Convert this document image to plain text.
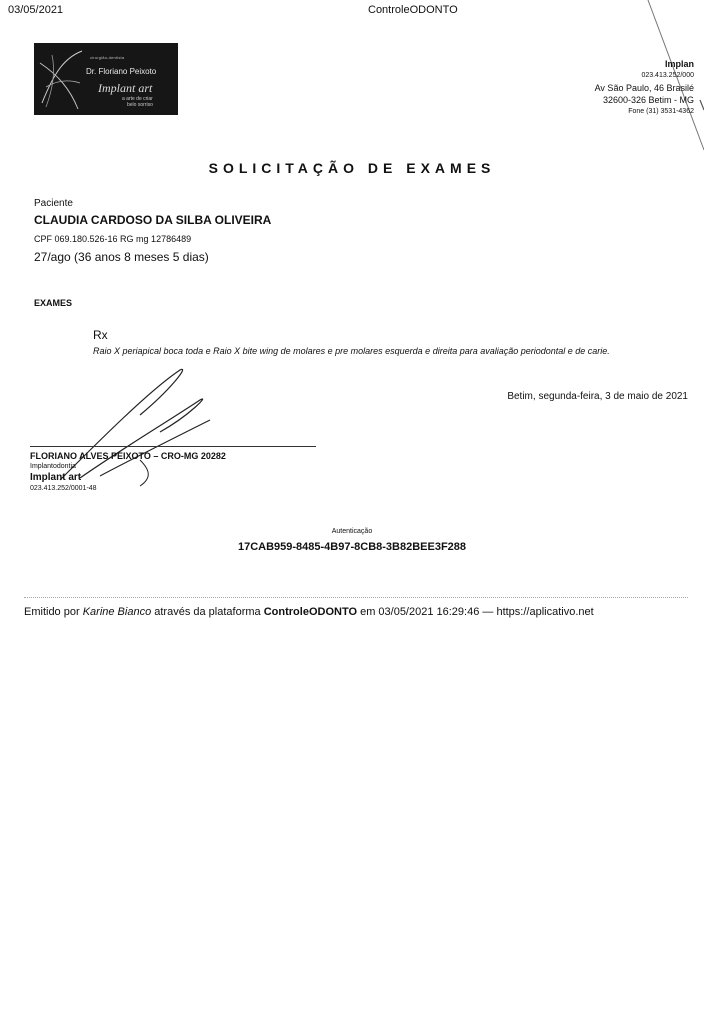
03/05/2021	ControleODONTO
cirurgião-dentista
Dr. Floriano Peixoto
Implant art
a arte de criar
belo sorriso
Implan
023.413.252/000
Av São Paulo, 46 Brasilé
32600-326 Betim - MG
Fone (31) 3531-4362
SOLICITAÇÃO DE EXAMES
Paciente
CLAUDIA CARDOSO DA SILBA OLIVEIRA
CPF 069.180.526-16 RG mg 12786489
27/ago (36 anos 8 meses 5 dias)
EXAMES
Rx
Raio X periapical boca toda e Raio X bite wing de molares e pre molares esquerda e direita para avaliação periodontal e de carie.
Betim, segunda-feira, 3 de maio de 2021
FLORIANO ALVES PEIXOTO – CRO-MG 20282
Implantodontia
Implant art
023.413.252/0001-48
Autenticação
17CAB959-8485-4B97-8CB8-3B82BEE3F288
Emitido por Karine Bianco através da plataforma ControleODONTO em 03/05/2021 16:29:46 — https://aplicativo.net
